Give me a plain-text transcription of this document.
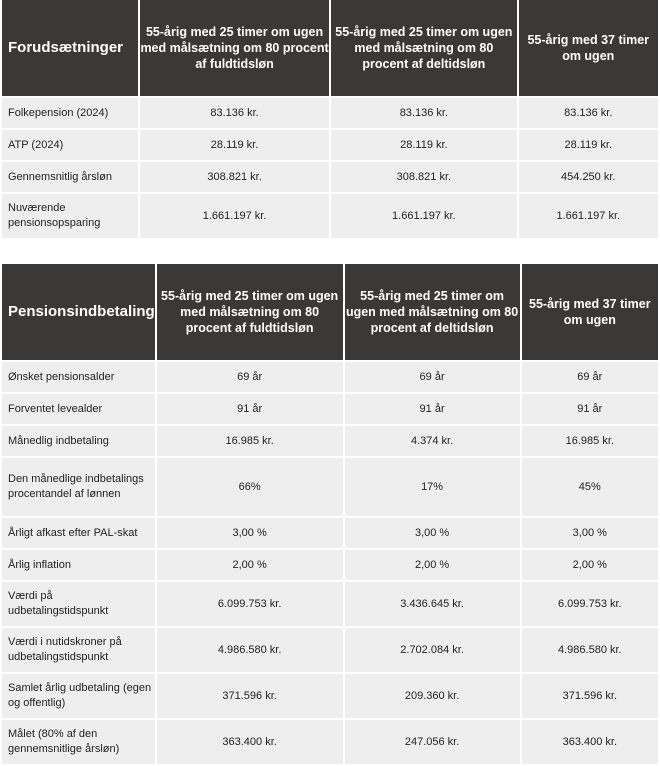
Forudsætninger	55-årig med 25 timer om ugen med målsætning om 80 procent af fuldtidsløn	55-årig med 25 timer om ugen med målsætning om 80 procent af deltidsløn	55-årig med 37 timer om ugen
Folkepension (2024)	83.136 kr.	83.136 kr.	83.136 kr.
ATP (2024)	28.119 kr.	28.119 kr.	28.119 kr.
Gennemsnitlig årsløn	308.821 kr.	308.821 kr.	454.250 kr.
Nuværende pensionsopsparing	1.661.197 kr.	1.661.197 kr.	1.661.197 kr.
Pensionsindbetaling	55-årig med 25 timer om ugen med målsætning om 80 procent af fuldtidsløn	55-årig med 25 timer om ugen med målsætning om 80 procent af deltidsløn	55-årig med 37 timer om ugen
Ønsket pensionsalder	69 år	69 år	69 år
Forventet levealder	91 år	91 år	91 år
Månedlig indbetaling	16.985 kr.	4.374 kr.	16.985 kr.
Den månedlige indbetalings procentandel af lønnen	66%	17%	45%
Årligt afkast efter PAL-skat	3,00 %	3,00 %	3,00 %
Årlig inflation	2,00 %	2,00 %	2,00 %
Værdi på udbetalingstidspunkt	6.099.753 kr.	3.436.645 kr.	6.099.753 kr.
Værdi i nutidskroner på udbetalingstidspunkt	4.986.580 kr.	2.702.084 kr.	4.986.580 kr.
Samlet årlig udbetaling (egen og offentlig)	371.596 kr.	209.360 kr.	371.596 kr.
Målet (80% af den gennemsnitlige årsløn)	363.400 kr.	247.056 kr.	363.400 kr.
